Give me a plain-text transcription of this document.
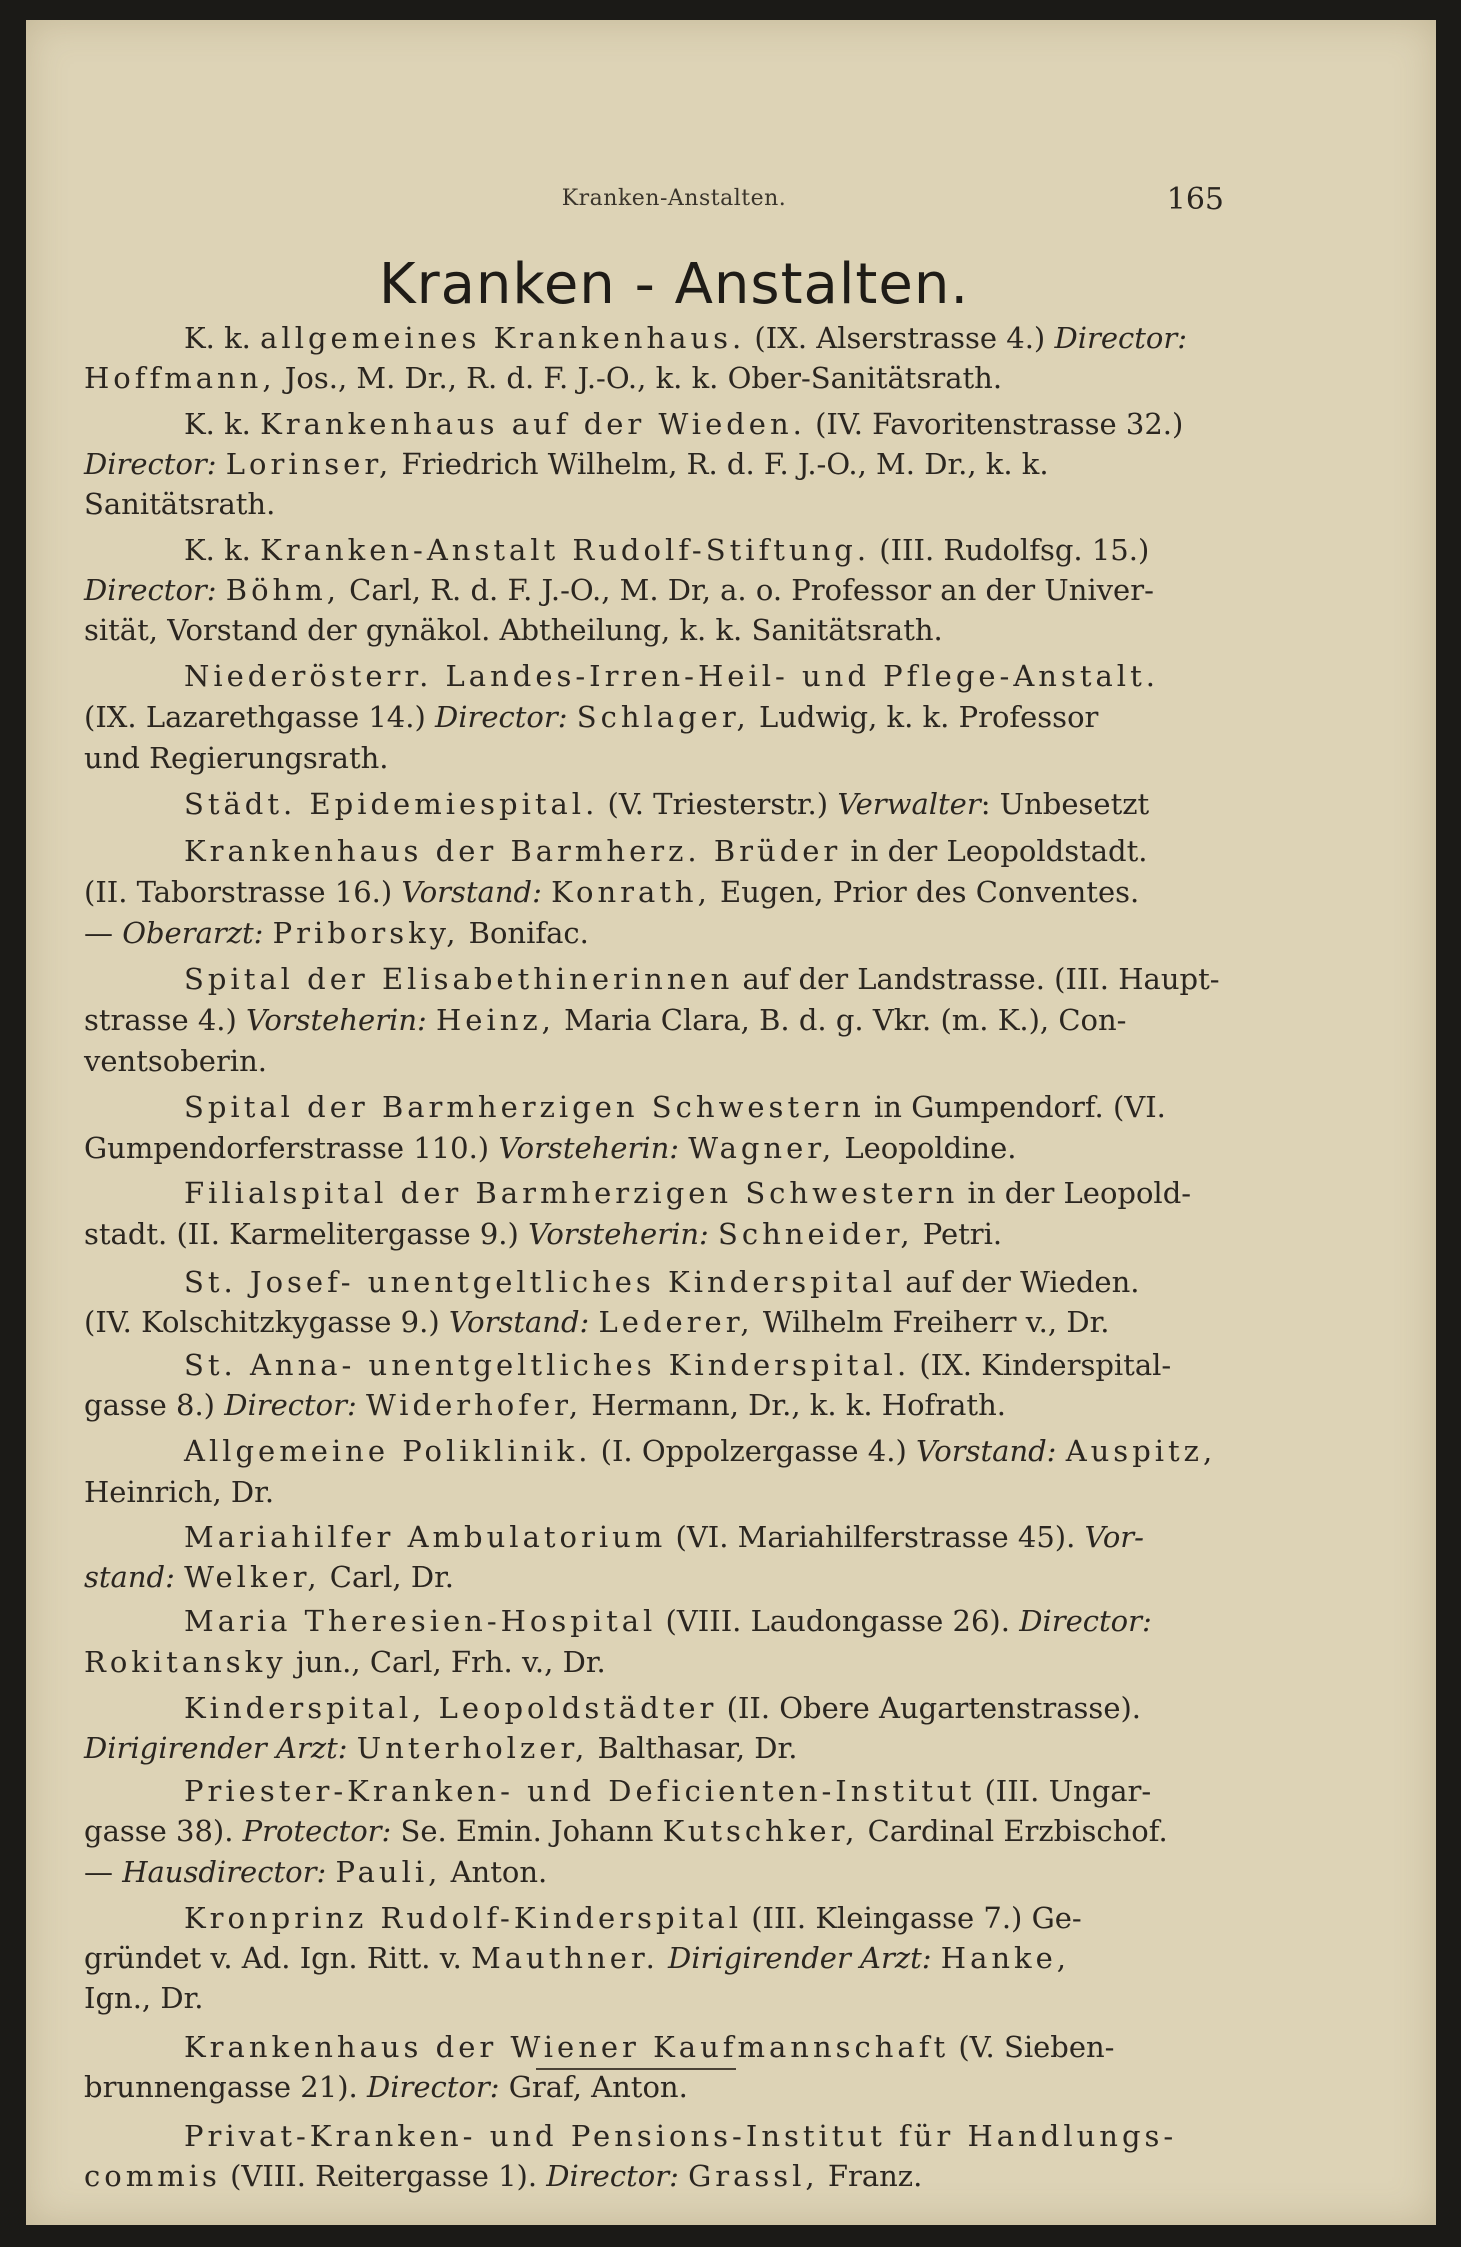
Kranken-Anstalten.	165
Kranken - Anstalten.
K. k. allgemeines Krankenhaus. (IX. Alserstrasse 4.) Director:
Hoffmann, Jos., M. Dr., R. d. F. J.-O., k. k. Ober-Sanitätsrath.
K. k. Krankenhaus auf der Wieden. (IV. Favoritenstrasse 32.)
Director: Lorinser, Friedrich Wilhelm, R. d. F. J.-O., M. Dr., k. k.
Sanitätsrath.
K. k. Kranken-Anstalt Rudolf-Stiftung. (III. Rudolfsg. 15.)
Director: Böhm, Carl, R. d. F. J.-O., M. Dr, a. o. Professor an der Univer-
sität, Vorstand der gynäkol. Abtheilung, k. k. Sanitätsrath.
Niederösterr. Landes-Irren-Heil- und Pflege-Anstalt.
(IX. Lazarethgasse 14.) Director: Schlager, Ludwig, k. k. Professor
und Regierungsrath.
Städt. Epidemiespital. (V. Triesterstr.) Verwalter: Unbesetzt
Krankenhaus der Barmherz. Brüder in der Leopoldstadt.
(II. Taborstrasse 16.) Vorstand: Konrath, Eugen, Prior des Conventes.
— Oberarzt: Priborsky, Bonifac.
Spital der Elisabethinerinnen auf der Landstrasse. (III. Haupt-
strasse 4.) Vorsteherin: Heinz, Maria Clara, B. d. g. Vkr. (m. K.), Con-
ventsoberin.
Spital der Barmherzigen Schwestern in Gumpendorf. (VI.
Gumpendorferstrasse 110.) Vorsteherin: Wagner, Leopoldine.
Filialspital der Barmherzigen Schwestern in der Leopold-
stadt. (II. Karmelitergasse 9.) Vorsteherin: Schneider, Petri.
St. Josef- unentgeltliches Kinderspital auf der Wieden.
(IV. Kolschitzkygasse 9.) Vorstand: Lederer, Wilhelm Freiherr v., Dr.
St. Anna- unentgeltliches Kinderspital. (IX. Kinderspital-
gasse 8.) Director: Widerhofer, Hermann, Dr., k. k. Hofrath.
Allgemeine Poliklinik. (I. Oppolzergasse 4.) Vorstand: Auspitz,
Heinrich, Dr.
Mariahilfer Ambulatorium (VI. Mariahilferstrasse 45). Vor-
stand: Welker, Carl, Dr.
Maria Theresien-Hospital (VIII. Laudongasse 26). Director:
Rokitansky jun., Carl, Frh. v., Dr.
Kinderspital, Leopoldstädter (II. Obere Augartenstrasse).
Dirigirender Arzt: Unterholzer, Balthasar, Dr.
Priester-Kranken- und Deficienten-Institut (III. Ungar-
gasse 38). Protector: Se. Emin. Johann Kutschker, Cardinal Erzbischof.
— Hausdirector: Pauli, Anton.
Kronprinz Rudolf-Kinderspital (III. Kleingasse 7.) Ge-
gründet v. Ad. Ign. Ritt. v. Mauthner. Dirigirender Arzt: Hanke,
Ign., Dr.
Krankenhaus der Wiener Kaufmannschaft (V. Sieben-
brunnengasse 21). Director: Graf, Anton.
Privat-Kranken- und Pensions-Institut für Handlungs-
commis (VIII. Reitergasse 1). Director: Grassl, Franz.
